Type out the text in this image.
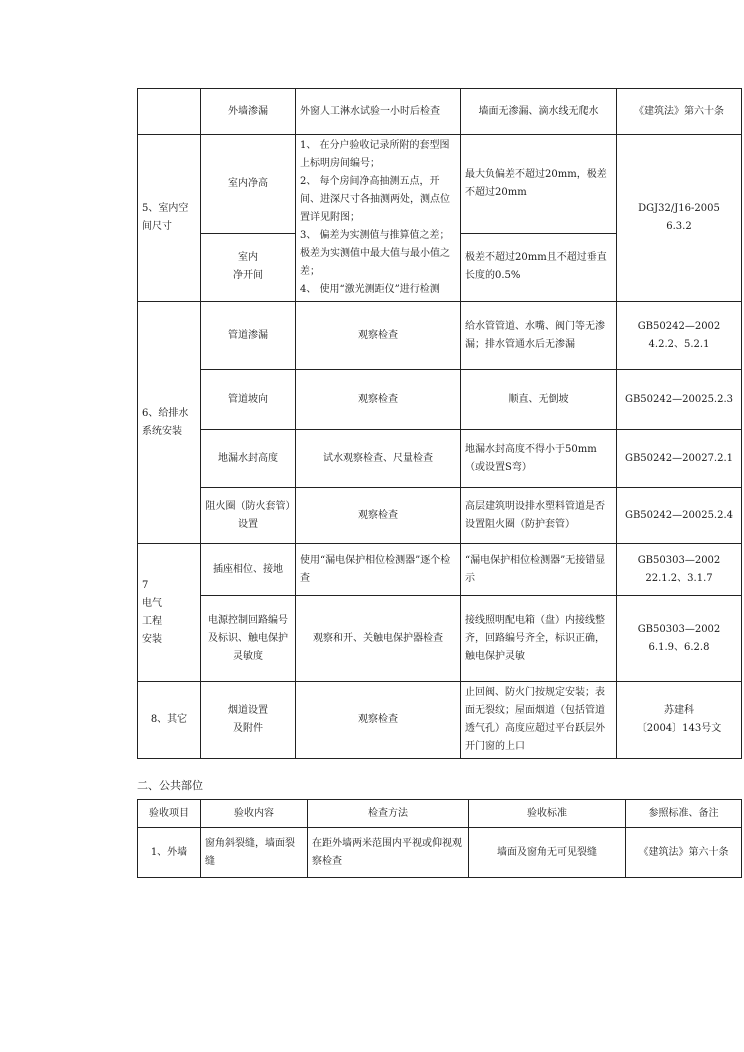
	外墙渗漏	外窗人工淋水试验一小时后检查	墙面无渗漏、滴水线无爬水	《建筑法》第六十条
5、室内空间尺寸	室内净高	1、 在分户验收记录所附的套型图上标明房间编号；
2、 每个房间净高抽测五点，开间、进深尺寸各抽测两处，测点位置详见附图；
3、 偏差为实测值与推算值之差；极差为实测值中最大值与最小值之差；
4、 使用“激光测距仪”进行检测	最大负偏差不超过20mm，极差不超过20mm	DGJ32/J16-2005
6.3.2
	室内
净开间		极差不超过20mm且不超过垂直长度的0.5%	
6、给排水系统安装	管道渗漏	观察检查	给水管管道、水嘴、阀门等无渗漏；排水管通水后无渗漏	GB50242—2002
4.2.2、5.2.1
	管道坡向	观察检查	顺直、无倒坡	GB50242—20025.2.3
	地漏水封高度	试水观察检查、尺量检查	地漏水封高度不得小于50mm（或设置S弯）	GB50242—20027.2.1
	阻火圈（防火套管）设置	观察检查	高层建筑明设排水塑料管道是否设置阻火圈（防护套管）	GB50242—20025.2.4
7
电气
工程
安装	插座相位、接地	使用“漏电保护相位检测器”逐个检查	“漏电保护相位检测器”无接错显示	GB50303—2002
22.1.2、3.1.7
	电源控制回路编号及标识、触电保护灵敏度	观察和开、关触电保护器检查	接线照明配电箱（盘）内接线整齐，回路编号齐全，标识正确，触电保护灵敏	GB50303—2002
6.1.9、6.2.8
8、其它	烟道设置
及附件	观察检查	止回阀、防火门按规定安装；表面无裂纹；屋面烟道（包括管道透气孔）高度应超过平台跃层外开门窗的上口	苏建科
〔2004〕143号文
二、公共部位
验收项目	验收内容	检查方法	验收标准	参照标准、备注
1、外墙	窗角斜裂缝，墙面裂缝	在距外墙两米范围内平视或仰视观察检查	墙面及窗角无可见裂缝	《建筑法》第六十条
